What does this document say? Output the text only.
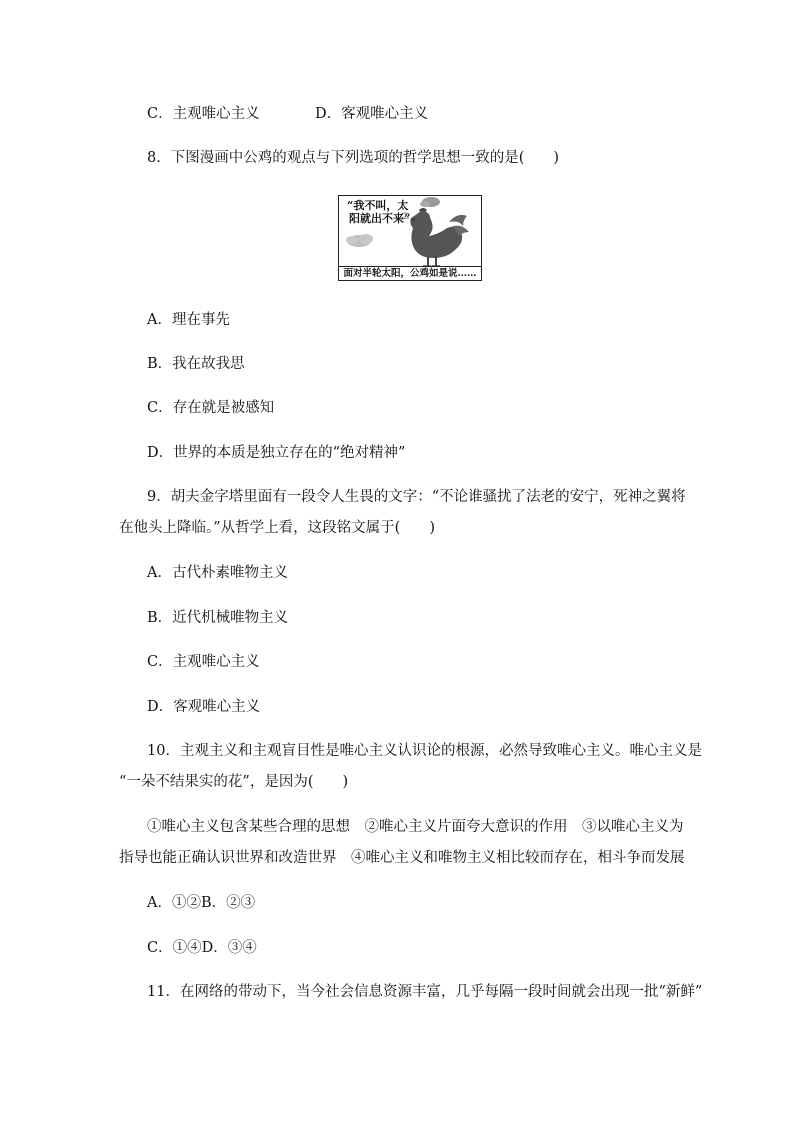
C．主观唯心主义	D．客观唯心主义
8．下图漫画中公鸡的观点与下列选项的哲学思想一致的是(　　)
“我不叫，太
阳就出不来”
面对半轮太阳，公鸡如是说……
A．理在事先
B．我在故我思
C．存在就是被感知
D．世界的本质是独立存在的“绝对精神”
9．胡夫金字塔里面有一段令人生畏的文字：“不论谁骚扰了法老的安宁，死神之翼将
在他头上降临。”从哲学上看，这段铭文属于(　　)
A．古代朴素唯物主义
B．近代机械唯物主义
C．主观唯心主义
D．客观唯心主义
10．主观主义和主观盲目性是唯心主义认识论的根源，必然导致唯心主义。唯心主义是
“一朵不结果实的花”，是因为(　　)
①唯心主义包含某些合理的思想　②唯心主义片面夸大意识的作用　③以唯心主义为
指导也能正确认识世界和改造世界　④唯心主义和唯物主义相比较而存在，相斗争而发展
A．①②B．②③
C．①④D．③④
11．在网络的带动下，当今社会信息资源丰富，几乎每隔一段时间就会出现一批“新鲜”
